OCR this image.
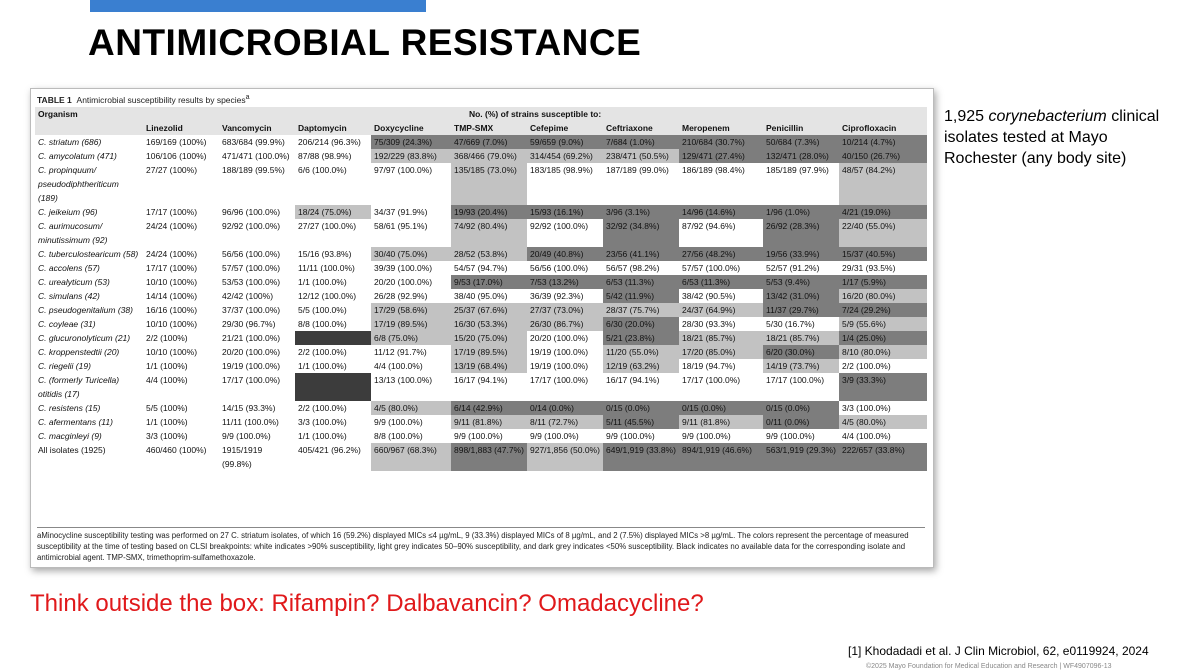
ANTIMICROBIAL RESISTANCE
TABLE 1 Antimicrobial susceptibility results by species$^a$
Organism	No. (%) of strains susceptible to:									
	Linezolid	Vancomycin	Daptomycin	Doxycycline	TMP-SMX	Cefepime	Ceftriaxone	Meropenem	Penicillin	Ciprofloxacin
C. striatum (686)	169/169 (100%)	683/684 (99.9%)	206/214 (96.3%)	75/309 (24.3%)	47/669 (7.0%)	59/659 (9.0%)	7/684 (1.0%)	210/684 (30.7%)	50/684 (7.3%)	10/214 (4.7%)
C. amycolatum (471)	106/106 (100%)	471/471 (100.0%)	87/88 (98.9%)	192/229 (83.8%)	368/466 (79.0%)	314/454 (69.2%)	238/471 (50.5%)	129/471 (27.4%)	132/471 (28.0%)	40/150 (26.7%)
C. propinquum/ pseudodiphtheriticum (189)	27/27 (100%)	188/189 (99.5%)	6/6 (100.0%)	97/97 (100.0%)	135/185 (73.0%)	183/185 (98.9%)	187/189 (99.0%)	186/189 (98.4%)	185/189 (97.9%)	48/57 (84.2%)
C. jeikeium (96)	17/17 (100%)	96/96 (100.0%)	18/24 (75.0%)	34/37 (91.9%)	19/93 (20.4%)	15/93 (16.1%)	3/96 (3.1%)	14/96 (14.6%)	1/96 (1.0%)	4/21 (19.0%)
C. aurimucosum/ minutissimum (92)	24/24 (100%)	92/92 (100.0%)	27/27 (100.0%)	58/61 (95.1%)	74/92 (80.4%)	92/92 (100.0%)	32/92 (34.8%)	87/92 (94.6%)	26/92 (28.3%)	22/40 (55.0%)
C. tuberculostearicum (58)	24/24 (100%)	56/56 (100.0%)	15/16 (93.8%)	30/40 (75.0%)	28/52 (53.8%)	20/49 (40.8%)	23/56 (41.1%)	27/56 (48.2%)	19/56 (33.9%)	15/37 (40.5%)
C. accolens (57)	17/17 (100%)	57/57 (100.0%)	11/11 (100.0%)	39/39 (100.0%)	54/57 (94.7%)	56/56 (100.0%)	56/57 (98.2%)	57/57 (100.0%)	52/57 (91.2%)	29/31 (93.5%)
C. urealyticum (53)	10/10 (100%)	53/53 (100.0%)	1/1 (100.0%)	20/20 (100.0%)	9/53 (17.0%)	7/53 (13.2%)	6/53 (11.3%)	6/53 (11.3%)	5/53 (9.4%)	1/17 (5.9%)
C. simulans (42)	14/14 (100%)	42/42 (100%)	12/12 (100.0%)	26/28 (92.9%)	38/40 (95.0%)	36/39 (92.3%)	5/42 (11.9%)	38/42 (90.5%)	13/42 (31.0%)	16/20 (80.0%)
C. pseudogenitalium (38)	16/16 (100%)	37/37 (100.0%)	5/5 (100.0%)	17/29 (58.6%)	25/37 (67.6%)	27/37 (73.0%)	28/37 (75.7%)	24/37 (64.9%)	11/37 (29.7%)	7/24 (29.2%)
C. coyleae (31)	10/10 (100%)	29/30 (96.7%)	8/8 (100.0%)	17/19 (89.5%)	16/30 (53.3%)	26/30 (86.7%)	6/30 (20.0%)	28/30 (93.3%)	5/30 (16.7%)	5/9 (55.6%)
C. glucuronolyticum (21)	2/2 (100%)	21/21 (100.0%)		6/8 (75.0%)	15/20 (75.0%)	20/20 (100.0%)	5/21 (23.8%)	18/21 (85.7%)	18/21 (85.7%)	1/4 (25.0%)
C. kroppenstedtii (20)	10/10 (100%)	20/20 (100.0%)	2/2 (100.0%)	11/12 (91.7%)	17/19 (89.5%)	19/19 (100.0%)	11/20 (55.0%)	17/20 (85.0%)	6/20 (30.0%)	8/10 (80.0%)
C. riegelii (19)	1/1 (100%)	19/19 (100.0%)	1/1 (100.0%)	4/4 (100.0%)	13/19 (68.4%)	19/19 (100.0%)	12/19 (63.2%)	18/19 (94.7%)	14/19 (73.7%)	2/2 (100.0%)
C. (formerly Turicella) otitidis (17)	4/4 (100%)	17/17 (100.0%)		13/13 (100.0%)	16/17 (94.1%)	17/17 (100.0%)	16/17 (94.1%)	17/17 (100.0%)	17/17 (100.0%)	3/9 (33.3%)
C. resistens (15)	5/5 (100%)	14/15 (93.3%)	2/2 (100.0%)	4/5 (80.0%)	6/14 (42.9%)	0/14 (0.0%)	0/15 (0.0%)	0/15 (0.0%)	0/15 (0.0%)	3/3 (100.0%)
C. afermentans (11)	1/1 (100%)	11/11 (100.0%)	3/3 (100.0%)	9/9 (100.0%)	9/11 (81.8%)	8/11 (72.7%)	5/11 (45.5%)	9/11 (81.8%)	0/11 (0.0%)	4/5 (80.0%)
C. macginleyi (9)	3/3 (100%)	9/9 (100.0%)	1/1 (100.0%)	8/8 (100.0%)	9/9 (100.0%)	9/9 (100.0%)	9/9 (100.0%)	9/9 (100.0%)	9/9 (100.0%)	4/4 (100.0%)
All isolates (1925)	460/460 (100%)	1915/1919 (99.8%)	405/421 (96.2%)	660/967 (68.3%)	898/1,883 (47.7%)	927/1,856 (50.0%)	649/1,919 (33.8%)	894/1,919 (46.6%)	563/1,919 (29.3%)	222/657 (33.8%)
aMinocycline susceptibility testing was performed on 27 C. striatum isolates, of which 16 (59.2%) displayed MICs ≤4 µg/mL, 9 (33.3%) displayed MICs of 8 µg/mL, and 2 (7.5%) displayed MICs >8 µg/mL. The colors represent the percentage of measured susceptibility at the time of testing based on CLSI breakpoints: white indicates >90% susceptibility, light grey indicates 50–90% susceptibility, and dark grey indicates <50% susceptibility. Black indicates no available data for the corresponding isolate and antimicrobial agent. TMP-SMX, trimethoprim-sulfamethoxazole.
1,925 corynebacterium clinical isolates tested at Mayo Rochester (any body site)
Think outside the box: Rifampin? Dalbavancin? Omadacycline?
[1] Khodadadi et al. J Clin Microbiol, 62, e0119924, 2024
©2025 Mayo Foundation for Medical Education and Research | WF4907096-13
